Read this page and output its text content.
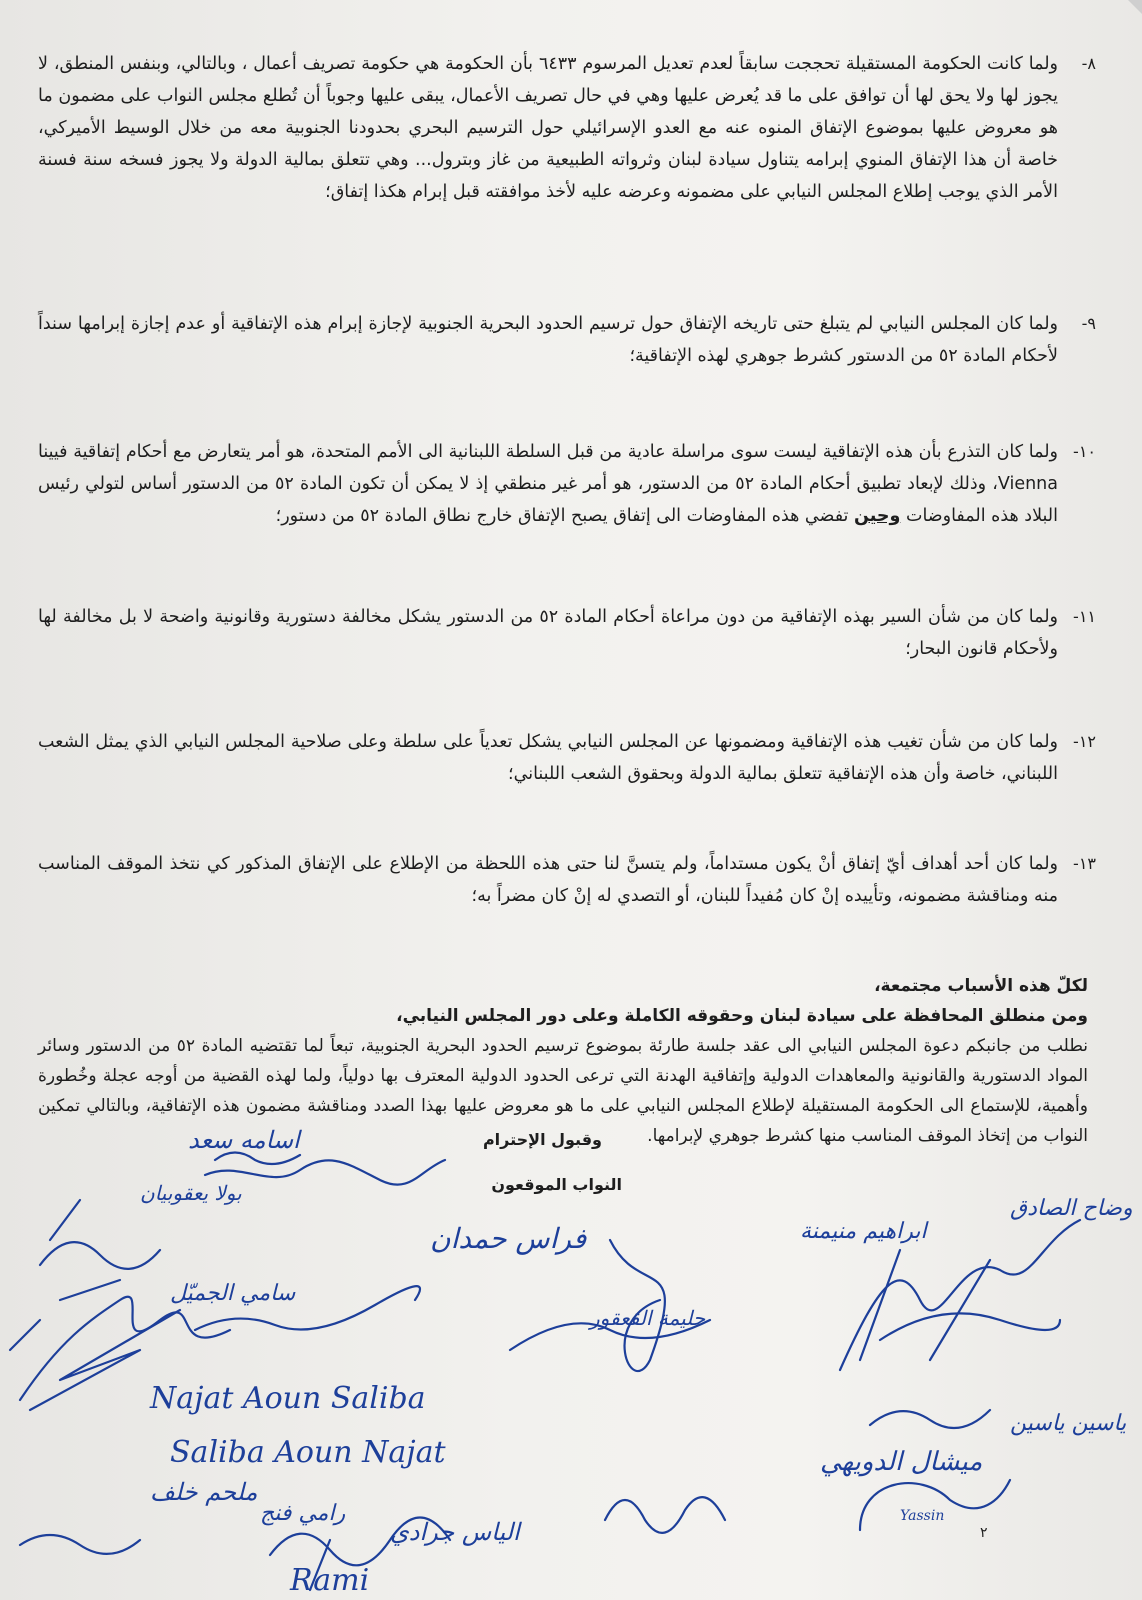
٨-
ولما كانت الحكومة المستقيلة تحججت سابقاً لعدم تعديل المرسوم ٦٤٣٣ بأن الحكومة هي حكومة تصريف أعمال ، وبالتالي، وبنفس المنطق، لا يجوز لها ولا يحق لها أن توافق على ما قد يُعرض عليها وهي في حال تصريف الأعمال، يبقى عليها وجوباً أن تُطلع مجلس النواب على مضمون ما هو معروض عليها بموضوع الإتفاق المنوه عنه مع العدو الإسرائيلي حول الترسيم البحري بحدودنا الجنوبية معه من خلال الوسيط الأميركي، خاصة أن هذا الإتفاق المنوي إبرامه يتناول سيادة لبنان وثرواته الطبيعية من غاز وبترول... وهي تتعلق بمالية الدولة ولا يجوز فسخه سنة فسنة الأمر الذي يوجب إطلاع المجلس النيابي على مضمونه وعرضه عليه لأخذ موافقته قبل إبرام هكذا إتفاق؛

٩-
ولما كان المجلس النيابي لم يتبلغ حتى تاريخه الإتفاق حول ترسيم الحدود البحرية الجنوبية لإجازة إبرام هذه الإتفاقية أو عدم إجازة إبرامها سنداً لأحكام المادة ٥٢ من الدستور كشرط جوهري لهذه الإتفاقية؛

١٠-
ولما كان التذرع بأن هذه الإتفاقية ليست سوى مراسلة عادية من قبل السلطة اللبنانية الى الأمم المتحدة، هو أمر يتعارض مع أحكام إتفاقية فيينا Vienna، وذلك لإبعاد تطبيق أحكام المادة ٥٢ من الدستور، هو أمر غير منطقي إذ لا يمكن أن تكون المادة ٥٢ من الدستور أساس لتولي رئيس البلاد هذه المفاوضات وحين تفضي هذه المفاوضات الى إتفاق يصبح الإتفاق خارج نطاق المادة ٥٢ من دستور؛

١١-
ولما كان من شأن السير بهذه الإتفاقية من دون مراعاة أحكام المادة ٥٢ من الدستور يشكل مخالفة دستورية وقانونية واضحة لا بل مخالفة لها ولأحكام قانون البحار؛

١٢-
ولما كان من شأن تغيب هذه الإتفاقية ومضمونها عن المجلس النيابي يشكل تعدياً على سلطة وعلى صلاحية المجلس النيابي الذي يمثل الشعب اللبناني، خاصة وأن هذه الإتفاقية تتعلق بمالية الدولة وبحقوق الشعب اللبناني؛

١٣-
ولما كان أحد أهداف أيّ إتفاق أنْ يكون مستداماً، ولم يتسنَّ لنا حتى هذه اللحظة من الإطلاع على الإتفاق المذكور كي نتخذ الموقف المناسب منه ومناقشة مضمونه، وتأييده إنْ كان مُفيداً للبنان، أو التصدي له إنْ كان مضراً به؛

لكلّ هذه الأسباب مجتمعة،

ومن منطلق المحافظة على سيادة لبنان وحقوقه الكاملة وعلى دور المجلس النيابي،

نطلب من جانبكم دعوة المجلس النيابي الى عقد جلسة طارئة بموضوع ترسيم الحدود البحرية الجنوبية، تبعاً لما تقتضيه المادة ٥٢ من الدستور وسائر المواد الدستورية والقانونية والمعاهدات الدولية وإتفاقية الهدنة التي ترعى الحدود الدولية المعترف بها دولياً، ولما لهذه القضية من أوجه عجلة وخُطورة وأهمية، للإستماع الى الحكومة المستقيلة لإطلاع المجلس النيابي على ما هو معروض عليها بهذا الصدد ومناقشة مضمون هذه الإتفاقية، وبالتالي تمكين النواب من إتخاذ الموقف المناسب منها كشرط جوهري لإبرامها.

وقبول الإحترام
النواب الموقعون
٢
اسامه سعد
بولا يعقوبيان
فراس حمدان
سامي الجميّل
ابراهيم منيمنة
حليمة القعقور
وضاح الصادق
Najat Aoun Saliba
Saliba Aoun Najat	ميشال الدويهي
ياسين ياسين
Yassin
ملحم خلف
الياس جرادي
رامي فنج
Rami
